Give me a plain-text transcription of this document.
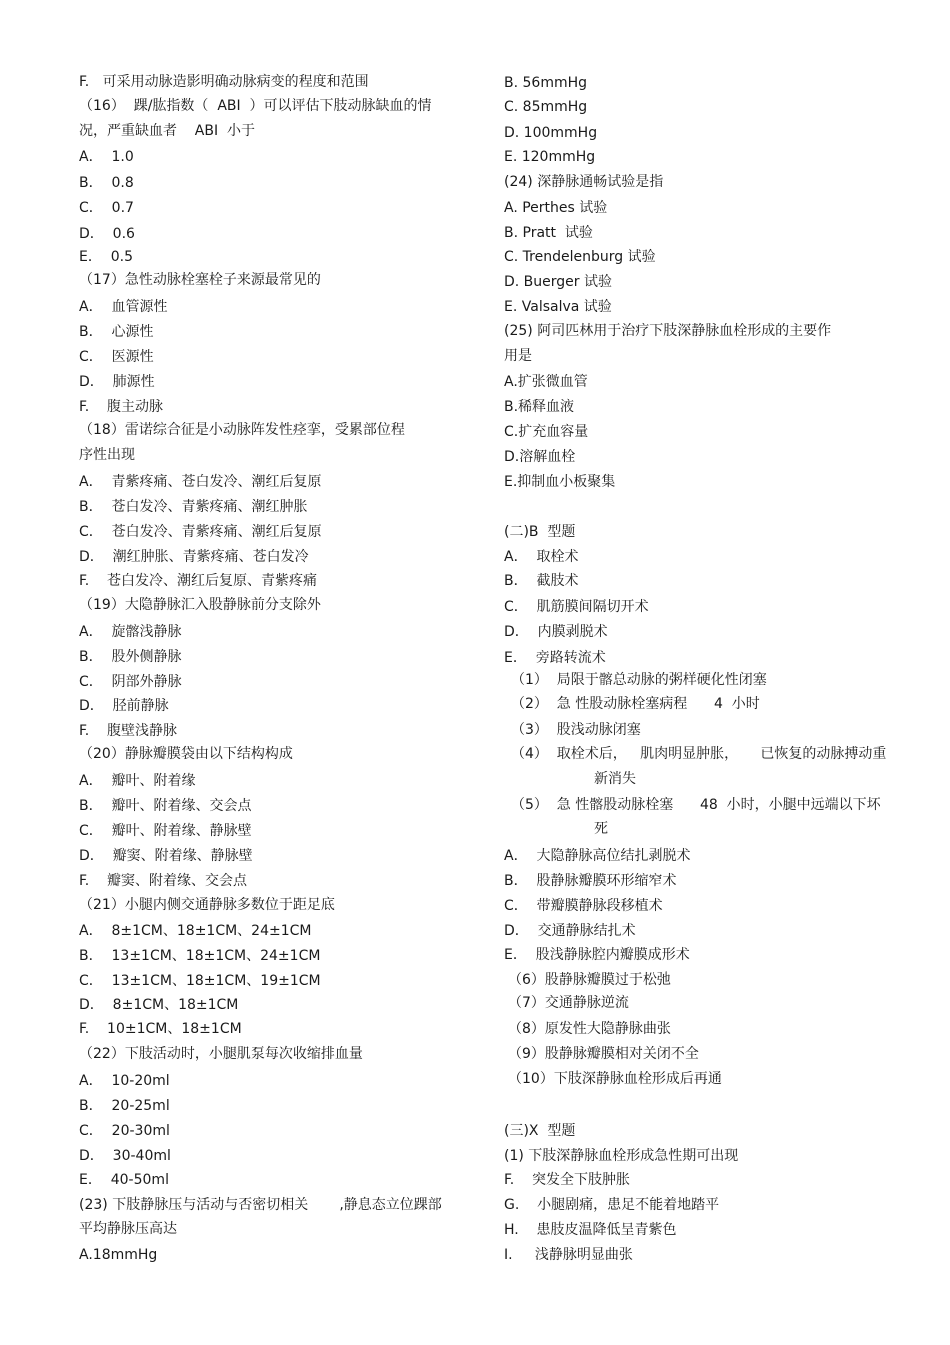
F.   可采用动脉造影明确动脉病变的程度和范围

（16）  踝/肱指数（  ABI  ）可以评估下肢动脉缺血的情

况，严重缺血者    ABI  小于

A．  1.0

B．  0.8

C．  0.7

D．  0.6

E．  0.5

（17）急性动脉栓塞栓子来源最常见的

A．  血管源性

B．  心源性

C．  医源性

D．  肺源性

F.    腹主动脉

（18）雷诺综合征是小动脉阵发性痉挛，受累部位程

序性出现

A．  青紫疼痛、苍白发冷、潮红后复原

B．  苍白发冷、青紫疼痛、潮红肿胀

C．  苍白发冷、青紫疼痛、潮红后复原

D．  潮红肿胀、青紫疼痛、苍白发冷

F.    苍白发冷、潮红后复原、青紫疼痛

（19）大隐静脉汇入股静脉前分支除外

A．  旋髂浅静脉

B．  股外侧静脉

C．  阴部外静脉

D．  胫前静脉

F.    腹壁浅静脉

（20）静脉瓣膜袋由以下结构构成

A．  瓣叶、附着缘

B．  瓣叶、附着缘、交会点

C．  瓣叶、附着缘、静脉壁

D．  瓣窦、附着缘、静脉壁

F.    瓣窦、附着缘、交会点

（21）小腿内侧交通静脉多数位于距足底

A．  8±1CM、18±1CM、24±1CM

B．  13±1CM、18±1CM、24±1CM

C．  13±1CM、18±1CM、19±1CM

D．  8±1CM、18±1CM

F.    10±1CM、18±1CM

（22）下肢活动时，小腿肌泵每次收缩排血量

A．  10-20ml

B．  20-25ml

C．  20-30ml

D．  30-40ml

E．  40-50ml

(23) 下肢静脉压与活动与否密切相关       ,静息态立位踝部

平均静脉压高达

A.18mmHg

B. 56mmHg

C. 85mmHg

D. 100mmHg

E. 120mmHg

(24) 深静脉通畅试验是指

A. Perthes 试验

B. Pratt  试验

C. Trendelenburg 试验

D. Buerger 试验

E. Valsalva 试验

(25) 阿司匹林用于治疗下肢深静脉血栓形成的主要作

用是

A.扩张微血管

B.稀释血液

C.扩充血容量

D.溶解血栓

E.抑制血小板聚集

(二)B  型题

A．  取栓术

B．  截肢术

C．  肌筋膜间隔切开术

D．  内膜剥脱术

E．  旁路转流术

（1）  局限于髂总动脉的粥样硬化性闭塞

（2）  急 性股动脉栓塞病程      4  小时

（3）  股浅动脉闭塞

（4）  取栓术后，   肌肉明显肿胀，     已恢复的动脉搏动重

新消失

（5）  急 性髂股动脉栓塞      48  小时，小腿中远端以下坏

死

A．  大隐静脉高位结扎剥脱术

B．  股静脉瓣膜环形缩窄术

C．  带瓣膜静脉段移植术

D．  交通静脉结扎术

E．  股浅静脉腔内瓣膜成形术

（6）股静脉瓣膜过于松弛

（7）交通静脉逆流

（8）原发性大隐静脉曲张

（9）股静脉瓣膜相对关闭不全

（10）下肢深静脉血栓形成后再通

(三)X  型题

(1) 下肢深静脉血栓形成急性期可出现

F.    突发全下肢肿胀

G.    小腿剧痛，患足不能着地踏平

H.    患肢皮温降低呈青紫色

I.     浅静脉明显曲张
